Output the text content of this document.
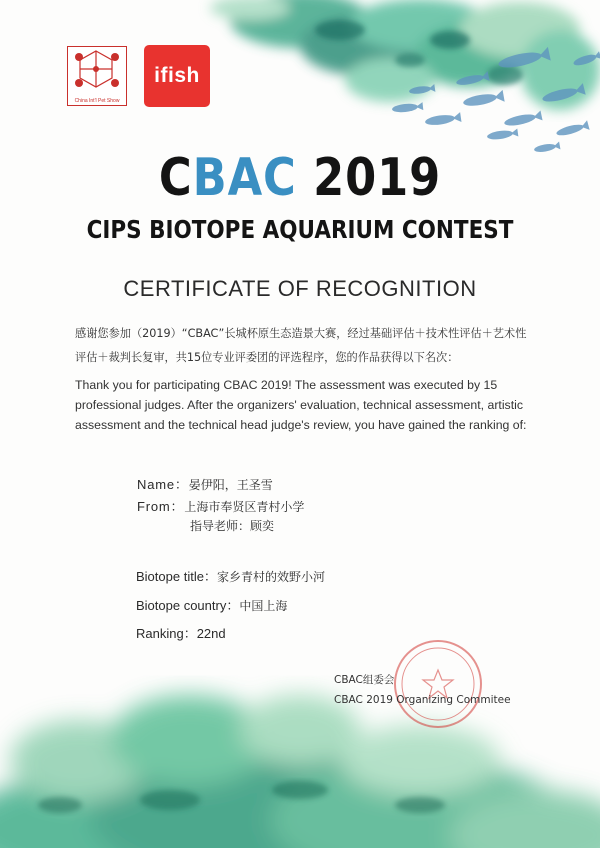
China Int'l Pet Show
ifish
CBAC 2019
CIPS BIOTOPE AQUARIUM CONTEST
CERTIFICATE OF RECOGNITION
感谢您参加（2019）“CBAC”长城杯原生态造景大赛，经过基础评估＋技术性评估＋艺术性评估＋裁判长复审，共15位专业评委团的评选程序，您的作品获得以下名次：
Thank you for participating CBAC 2019! The assessment was executed by 15 professional judges. After the organizers' evaluation, technical assessment, artistic assessment and the technical head judge's review, you have gained the ranking of:
Name：晏伊阳，王圣雪
From：上海市奉贤区青村小学
指导老师：顾奕
Biotope title：家乡青村的效野小河
Biotope country：中国上海
Ranking：22nd
CBAC组委会
CBAC 2019 Organizing Commitee
